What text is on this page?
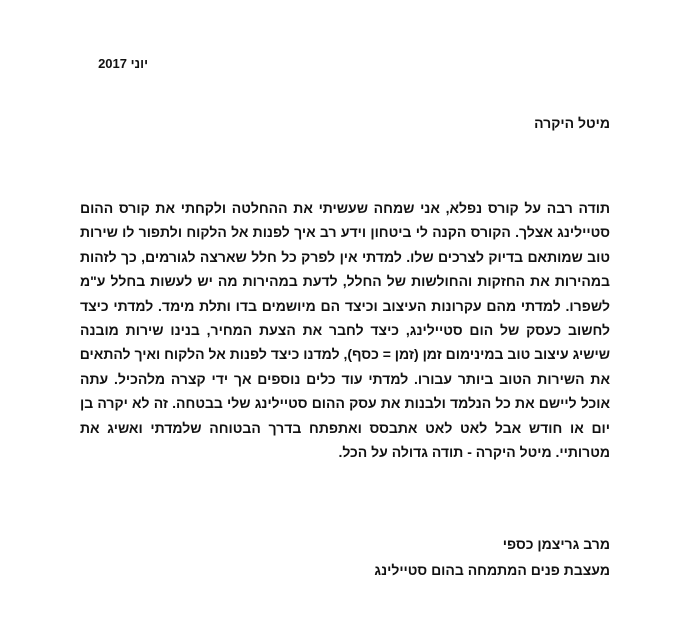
יוני 2017
מיטל היקרה
תודה רבה על קורס נפלא, אני שמחה שעשיתי את ההחלטה ולקחתי את קורס ההום
סטיילינג אצלך. הקורס הקנה לי ביטחון וידע רב איך לפנות אל הלקוח ולתפור לו שירות
טוב שמותאם בדיוק לצרכים שלו. למדתי אין לפרק כל חלל שארצה לגורמים, כך לזהות
במהירות את החזקות והחולשות של החלל, לדעת במהירות מה יש לעשות בחלל ע"מ
לשפרו. למדתי מהם עקרונות העיצוב וכיצד הם מיושמים בדו ותלת מימד. למדתי כיצד
לחשוב כעסק של הום סטיילינג, כיצד לחבר את הצעת המחיר, בנינו שירות מובנה
שישיג עיצוב טוב במינימום זמן (זמן = כסף), למדנו כיצד לפנות אל הלקוח ואיך להתאים
את השירות הטוב ביותר עבורו. למדתי עוד כלים נוספים אך ידי קצרה מלהכיל. עתה
אוכל ליישם את כל הנלמד ולבנות את עסק ההום סטיילינג שלי בבטחה. זה לא יקרה בן
יום או חודש אבל לאט לאט אתבסס ואתפתח בדרך הבטוחה שלמדתי ואשיג את
מטרותיי. מיטל היקרה - תודה גדולה על הכל.
מרב גריצמן כספי
מעצבת פנים המתמחה בהום סטיילינג
